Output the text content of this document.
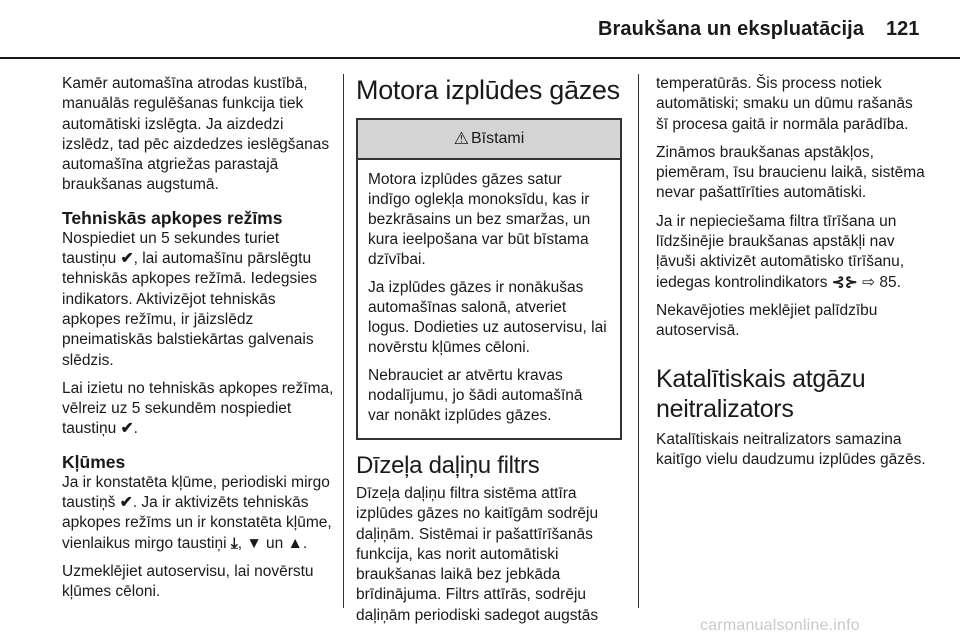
Braukšana un ekspluatācija 121

Kamēr automašīna atrodas kustībā, manuālās regulēšanas funkcija tiek automātiski izslēgta. Ja aizdedzi izslēdz, tad pēc aizdedzes ieslēgšanas automašīna atgriežas parastajā braukšanas augstumā.

Tehniskās apkopes režīms

Nospiediet un 5 sekundes turiet taustiņu ✔, lai automašīnu pārslēgtu tehniskās apkopes režīmā. Iedegsies indikators. Aktivizējot tehniskās apkopes režīmu, ir jāizslēdz pneimatiskās balstiekārtas galvenais slēdzis.

Lai izietu no tehniskās apkopes režīma, vēlreiz uz 5 sekundēm nospiediet taustiņu ✔.

Kļūmes

Ja ir konstatēta kļūme, periodiski mirgo taustiņš ✔. Ja ir aktivizēts tehniskās apkopes režīms un ir konstatēta kļūme, vienlaikus mirgo taustiņi ⤓, ▼ un ▲.

Uzmeklējiet autoservisu, lai novērstu kļūmes cēloni.

Motora izplūdes gāzes
⚠ Bīstami

Motora izplūdes gāzes satur indīgo oglekļa monoksīdu, kas ir bezkrāsains un bez smaržas, un kura ieelpošana var būt bīstama dzīvībai.

Ja izplūdes gāzes ir nonākušas automašīnas salonā, atveriet logus. Dodieties uz autoservisu, lai novērstu kļūmes cēloni.

Nebrauciet ar atvērtu kravas nodalījumu, jo šādi automašīnā var nonākt izplūdes gāzes.

Dīzeļa daļiņu filtrs

Dīzeļa daļiņu filtra sistēma attīra izplūdes gāzes no kaitīgām sodrēju daļiņām. Sistēmai ir pašattīrīšanās funkcija, kas norit automātiski braukšanas laikā bez jebkāda brīdinājuma. Filtrs attīrās, sodrēju daļiņām periodiski sadegot augstās

temperatūrās. Šis process notiek automātiski; smaku un dūmu rašanās šī procesa gaitā ir normāla parādība.

Zināmos braukšanas apstākļos, piemēram, īsu braucienu laikā, sistēma nevar pašattīrīties automātiski.

Ja ir nepieciešama filtra tīrīšana un līdzšinējie braukšanas apstākļi nav ļāvuši aktivizēt automātisko tīrīšanu, iedegas kontrolindikators ⊰⊱ ⇨ 85.

Nekavējoties meklējiet palīdzību autoservisā.

Katalītiskais atgāzu neitralizators

Katalītiskais neitralizators samazina kaitīgo vielu daudzumu izplūdes gāzēs.

carmanualsonline.info
